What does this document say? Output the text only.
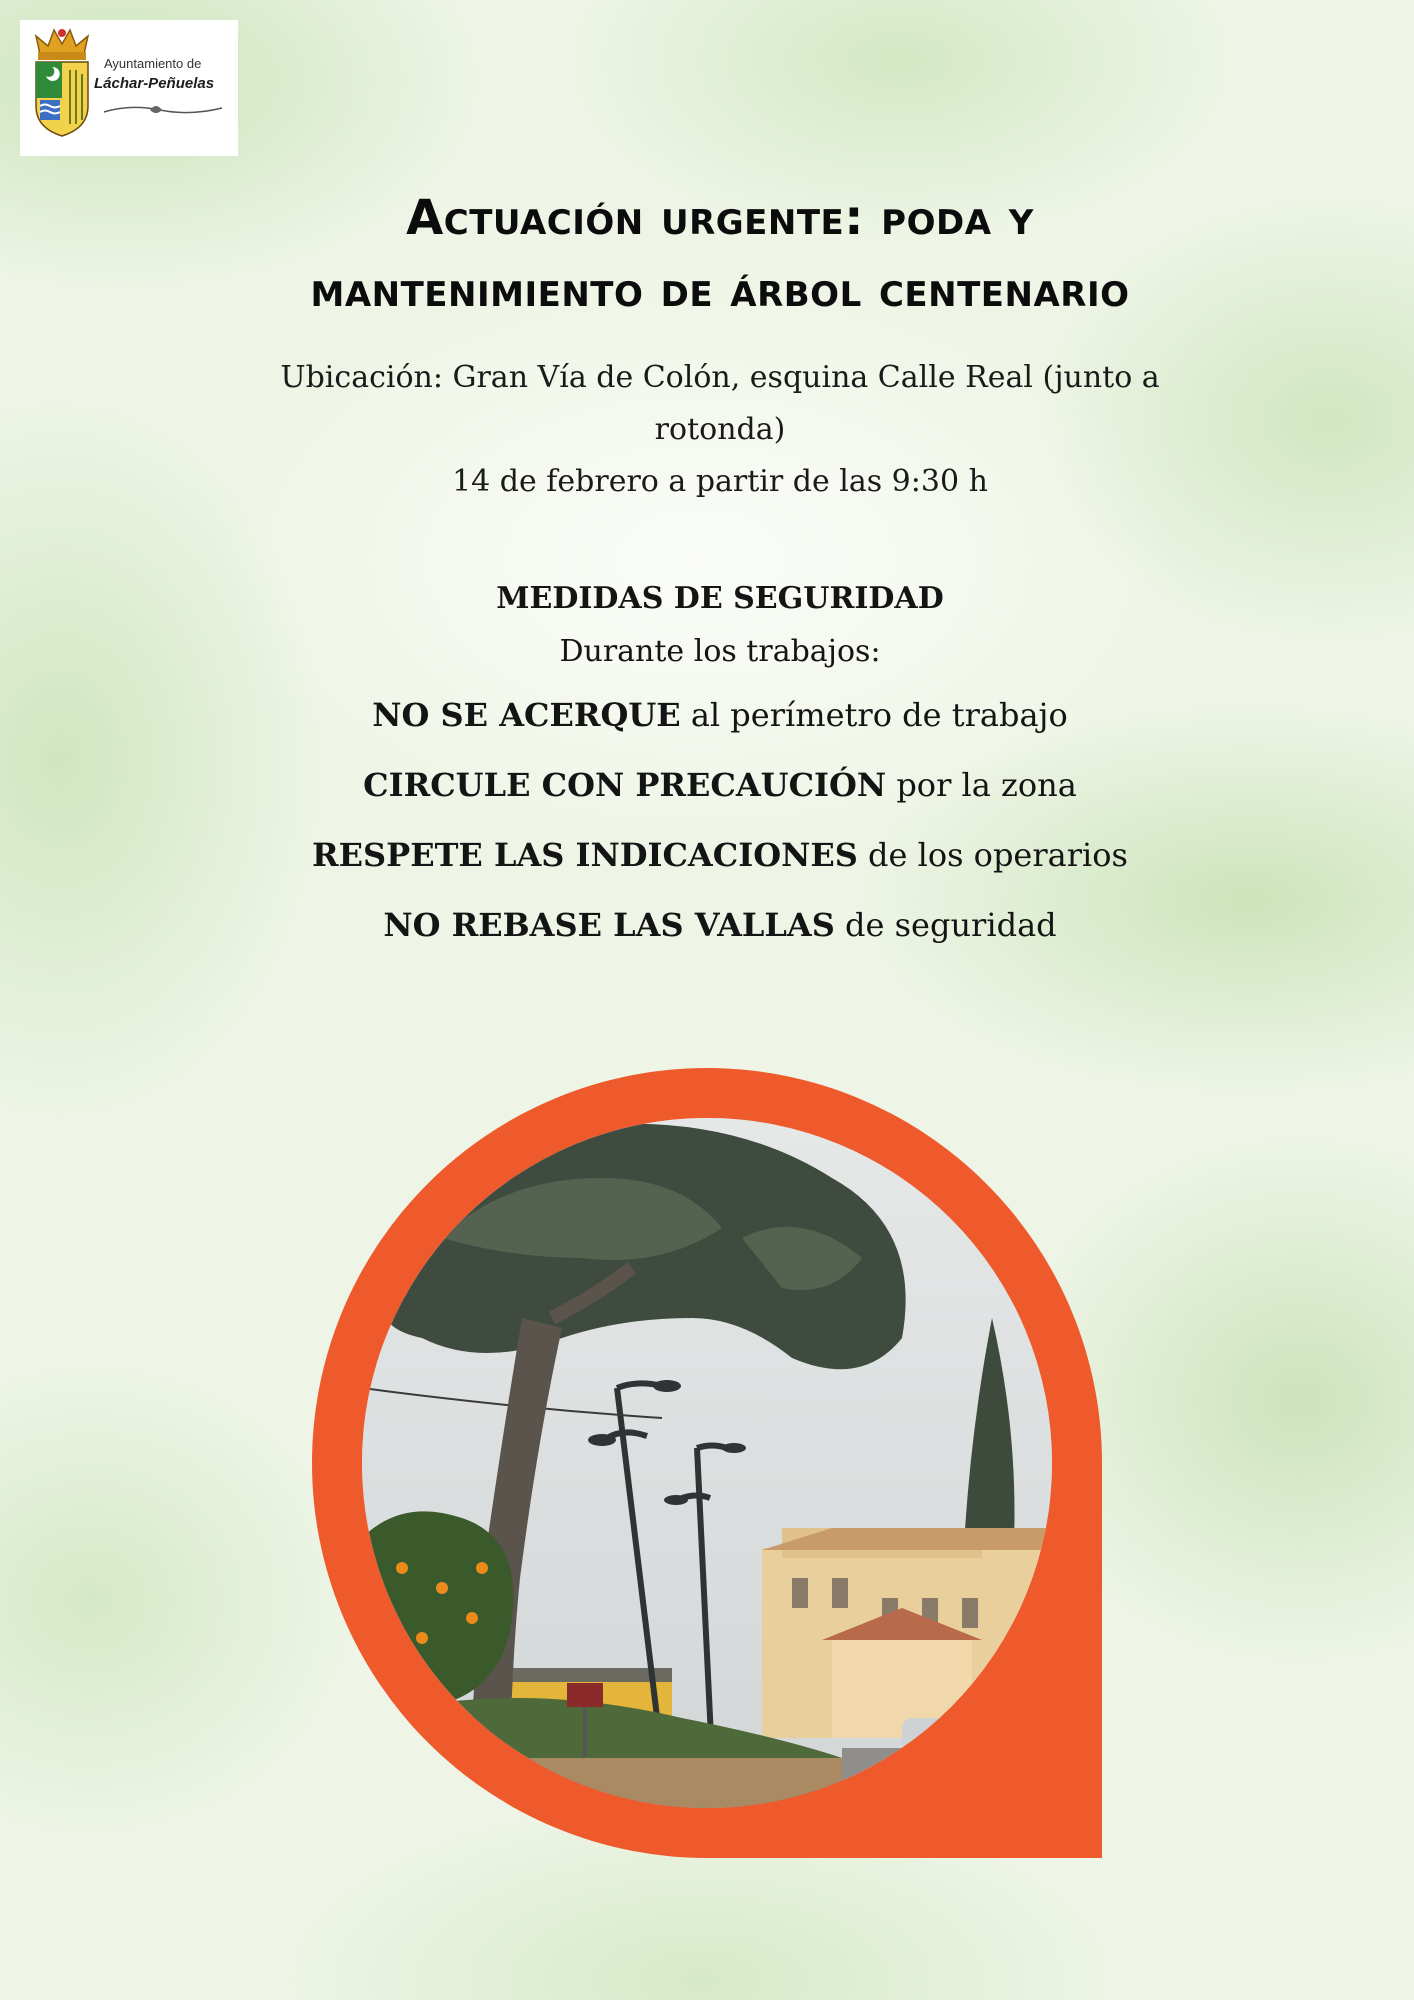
Ayuntamiento de
Láchar-Peñuelas
Actuación urgente: poda y
mantenimiento de árbol centenario
Ubicación: Gran Vía de Colón, esquina Calle Real (junto a
rotonda)
14 de febrero a partir de las 9:30 h
MEDIDAS DE SEGURIDAD
Durante los trabajos:
NO SE ACERQUE al perímetro de trabajo
CIRCULE CON PRECAUCIÓN por la zona
RESPETE LAS INDICACIONES de los operarios
NO REBASE LAS VALLAS de seguridad
